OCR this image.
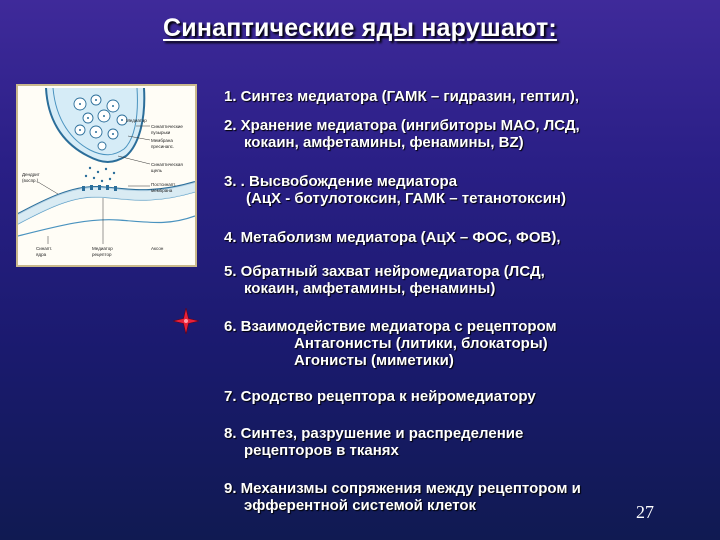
Синаптические яды нарушают:
Медиатор
Синаптические
пузырьки
Мембрана
пресинапс.
Синаптическая
щель
Постсинапт.
мембрана
Дендрит
(воспр.)
Синапт.
ядра
Медиатор
рецептор
Аксон
1. Синтез медиатора (ГАМК – гидразин, гептил),
2. Хранение медиатора (ингибиторы МАО, ЛСД,
кокаин, амфетамины, фенамины, BZ)
3. . Высвобождение медиатора
(АцХ - ботулотоксин, ГАМК – тетанотоксин)
4. Метаболизм медиатора (АцХ – ФОС, ФОВ),
5. Обратный захват нейромедиатора (ЛСД,
кокаин, амфетамины, фенамины)
6. Взаимодействие медиатора с рецептором
Антагонисты (литики, блокаторы)
Агонисты (миметики)
7. Сродство рецептора к нейромедиатору
8. Синтез, разрушение и распределение
рецепторов в тканях
9. Механизмы сопряжения между рецептором и
эфферентной системой клеток	27
